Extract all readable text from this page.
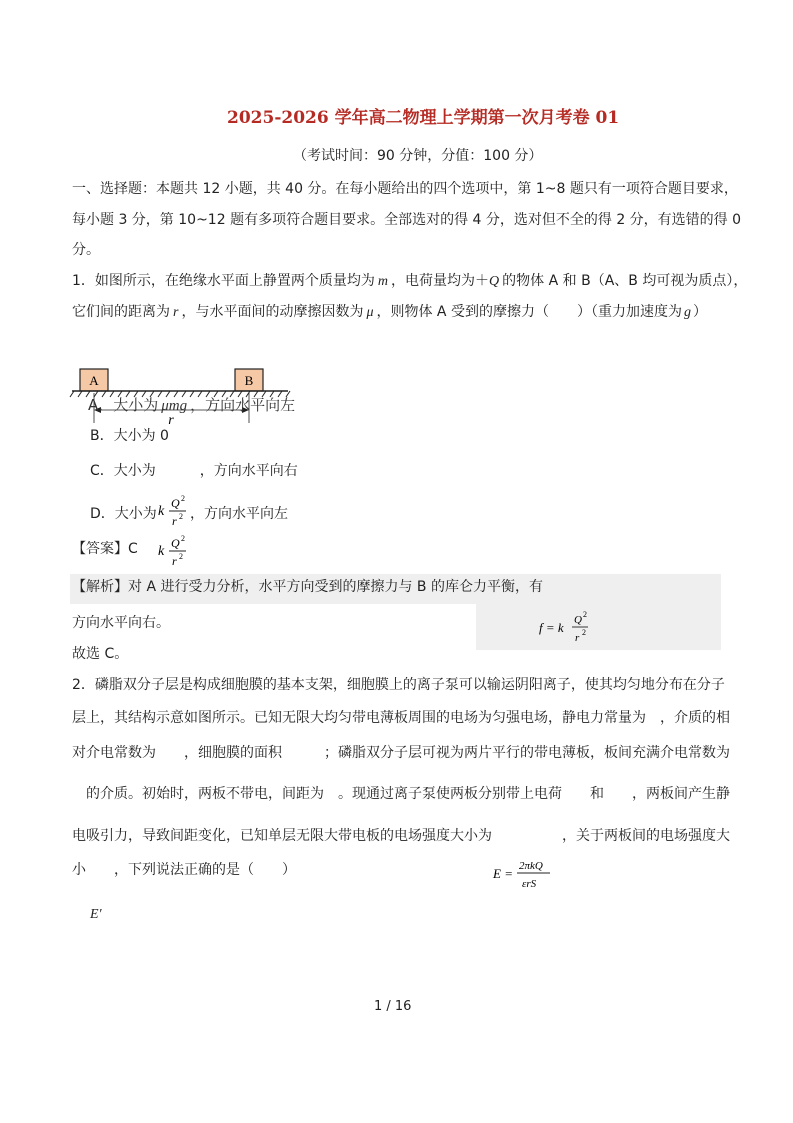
2025-2026 学年高二物理上学期第一次月考卷 01
（考试时间：90 分钟，分值：100 分）
一、选择题：本题共 12 小题，共 40 分。在每小题给出的四个选项中，第 1~8 题只有一项符合题目要求，
每小题 3 分，第 10~12 题有多项符合题目要求。全部选对的得 4 分，选对但不全的得 2 分，有选错的得 0
分。
1．如图所示，在绝缘水平面上静置两个质量均为 m ，电荷量均为＋Q 的物体 A 和 B（A、B 均可视为质点），
它们间的距离为 r ，与水平面间的动摩擦因数为 μ ，则物体 A 受到的摩擦力（　　）（重力加速度为 g ）
A	B
r
A．大小为 μmg ，方向水平向左
B．大小为 0
C．大小为	，方向水平向右
D．大小为 k
Q 2
r 2 ，方向水平向左
【答案】C k
Q 2
r 2
【解析】对 A 进行受力分析，水平方向受到的摩擦力与 B 的库仑力平衡，有
f = k Q 2
r 2
方向水平向右。
故选 C。
2．磷脂双分子层是构成细胞膜的基本支架，细胞膜上的离子泵可以输运阴阳离子，使其均匀地分布在分子
层上，其结构示意如图所示。已知无限大均匀带电薄板周围的电场为匀强电场，静电力常量为　，介质的相
对介电常数为　　，细胞膜的面积　　　；磷脂双分子层可视为两片平行的带电薄板，板间充满介电常数为
　的介质。初始时，两板不带电，间距为　。现通过离子泵使两板分别带上电荷　　和　　，两板间产生静
电吸引力，导致间距变化，已知单层无限大带电板的电场强度大小为　　　　　，关于两板间的电场强度大
小　　，下列说法正确的是（　　）	E = 2πkQ
εrS
E′
1 / 16
